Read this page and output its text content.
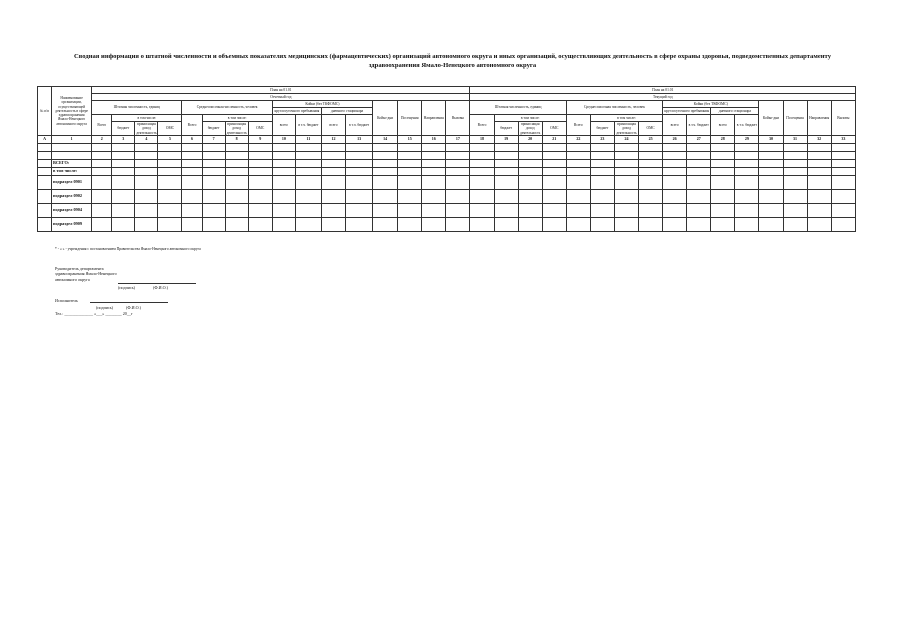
Сводная информация о штатной численности и объемных показателях медицинских (фармацевтических) организаций автономного округа и иных организаций, осуществляющих деятельность в сфере охраны здоровья, подведомственных департаменту
здравоохранения Ямало-Ненецкого автономного округа
№ п/п	Наименование организации, осуществляющей деятельность в сфере здравоохранения Ямало-Ненецкого автономного округа	План на 01.01																План на 01.01															
		Отчетный год																Текущий год															
		Штатная численность, единиц				Среднесписочная численность, человек				Койки (без ТКФОМС)				Койко-дни	Посещения	Направления	Вызовы	Штатная численность, единиц				Среднесписочная численность, человек				Койки (без ТКФОМС)				Койко-дни	Посещения	Направления	Вызовы
										круглосуточного пребывания		дневного стационара														круглосуточного пребывания		дневного стационара					
		Всего	в том числе:			Всего	в том числе:			всего	в т.ч. бюджет	всего	в т.ч. бюджет					Всего	в том числе:			Всего	в том числе:			всего	в т.ч. бюджет	всего	в т.ч. бюджет				
			бюджет	приносящая доход деятельность	ОМС		бюджет	приносящая доход деятельность	ОМС										бюджет	приносящая доход деятельность	ОМС		бюджет	приносящая доход деятельность	ОМС								
А	1	2	3	4	5	6	7	8	9	10	11	12	13	14	15	16	17	18	19	20	21	22	23	24	25	26	27	28	29	30	31	32	33

	ВСЕГО:																																
	в том числе:																																
	подраздел 0901																																
	подраздел 0902																																
	подраздел 0904																																
	подраздел 0909																																
* - « » - учреждения с постановлением Правительства Ямало-Ненецкого автономного округа
Руководитель департамента
здравоохранения Ямало-Ненецкого
автономного округа
(подпись)	(Ф.И.О.)
Исполнитель
(подпись)	(Ф.И.О.)
Тел.: ______________ «___» ________ 20__г
